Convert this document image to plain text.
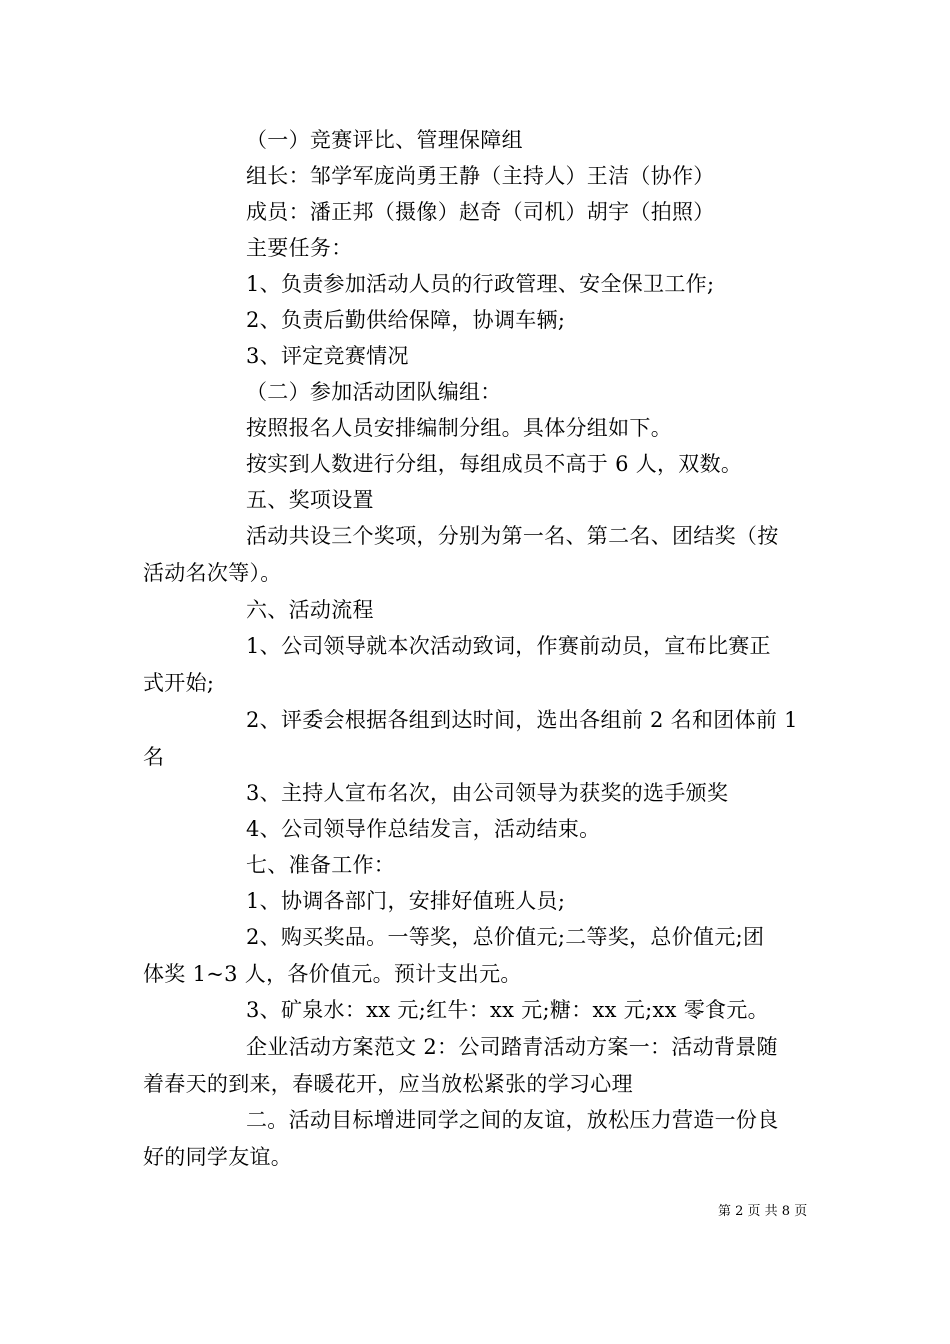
（一）竞赛评比、管理保障组
组长：邹学军庞尚勇王静（主持人）王洁（协作）
成员：潘正邦（摄像）赵奇（司机）胡宇（拍照）
主要任务：
1、负责参加活动人员的行政管理、安全保卫工作;
2、负责后勤供给保障，协调车辆;
3、评定竞赛情况
（二）参加活动团队编组：
按照报名人员安排编制分组。具体分组如下。
按实到人数进行分组，每组成员不高于 6 人，双数。
五、奖项设置
活动共设三个奖项，分别为第一名、第二名、团结奖（按
活动名次等）。
六、活动流程
1、公司领导就本次活动致词，作赛前动员，宣布比赛正
式开始;
2、评委会根据各组到达时间，选出各组前 2 名和团体前 1
名
3、主持人宣布名次，由公司领导为获奖的选手颁奖
4、公司领导作总结发言，活动结束。
七、准备工作：
1、协调各部门，安排好值班人员;
2、购买奖品。一等奖，总价值元;二等奖，总价值元;团
体奖 1~3 人，各价值元。预计支出元。
3、矿泉水：xx 元;红牛：xx 元;糖：xx 元;xx 零食元。
企业活动方案范文 2：公司踏青活动方案一：活动背景随
着春天的到来，春暖花开，应当放松紧张的学习心理
二。活动目标增进同学之间的友谊，放松压力营造一份良
好的同学友谊。
第 2 页 共 8 页
